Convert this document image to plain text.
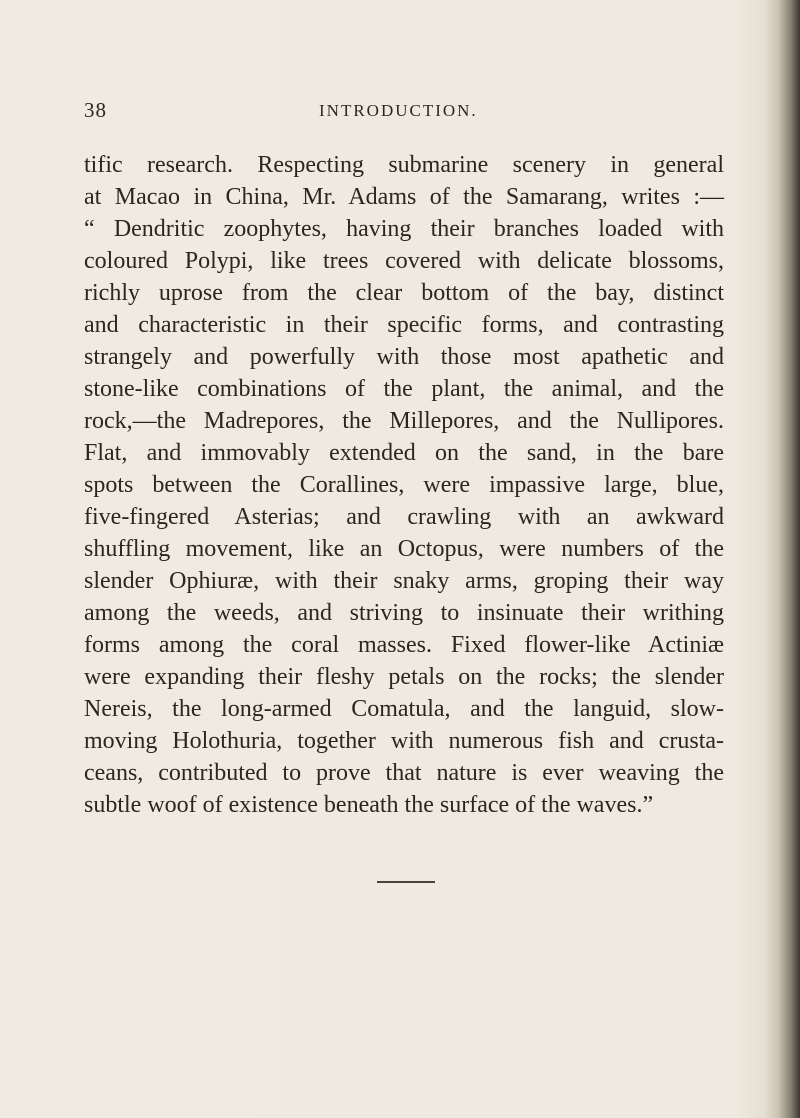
38	INTRODUCTION.
tific research. Respecting submarine scenery in general
at Macao in China, Mr. Adams of the Samarang, writes :—
“ Dendritic zoophytes, having their branches loaded with
coloured Polypi, like trees covered with delicate blossoms,
richly uprose from the clear bottom of the bay, distinct
and characteristic in their specific forms, and contrasting
strangely and powerfully with those most apathetic and
stone-like combinations of the plant, the animal, and the
rock,—the Madrepores, the Millepores, and the Nullipores.
Flat, and immovably extended on the sand, in the bare
spots between the Corallines, were impassive large, blue,
five-fingered Asterias; and crawling with an awkward
shuffling movement, like an Octopus, were numbers of the
slender Ophiuræ, with their snaky arms, groping their way
among the weeds, and striving to insinuate their writhing
forms among the coral masses. Fixed flower-like Actiniæ
were expanding their fleshy petals on the rocks; the slender
Nereis, the long-armed Comatula, and the languid, slow-
moving Holothuria, together with numerous fish and crusta-
ceans, contributed to prove that nature is ever weaving the
subtle woof of existence beneath the surface of the waves.”
